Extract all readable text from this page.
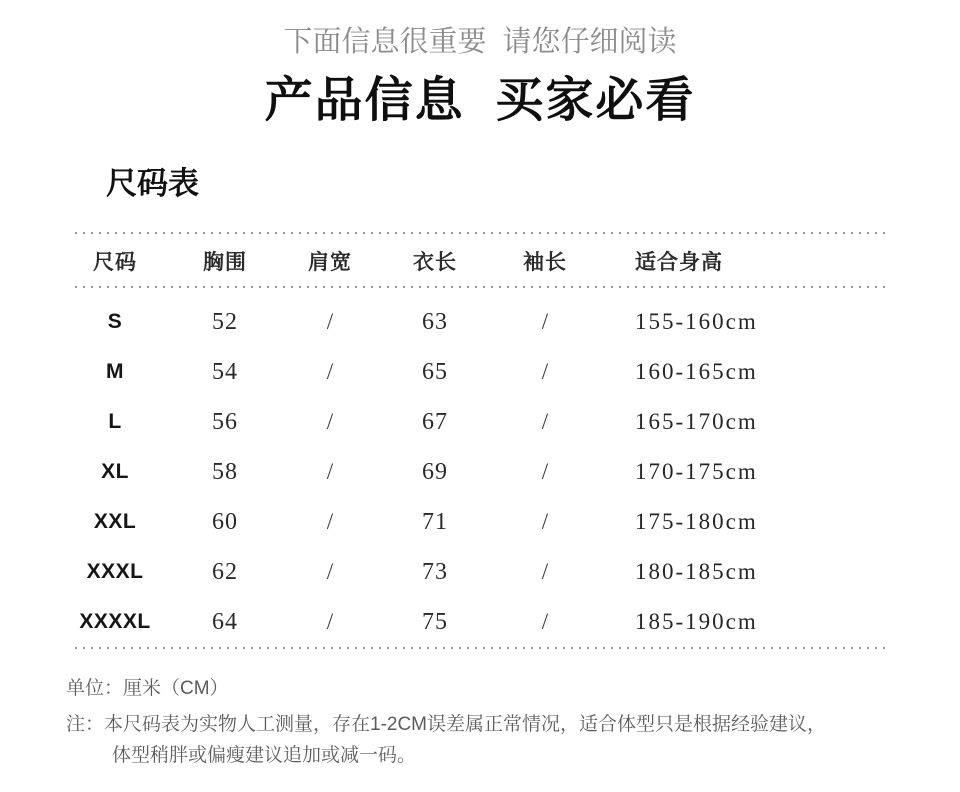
下面信息很重要  请您仔细阅读
产品信息  买家必看
尺码表
尺码	胸围	肩宽	衣长	袖长	适合身高
S	52	/	63	/	155-160cm
M	54	/	65	/	160-165cm
L	56	/	67	/	165-170cm
XL	58	/	69	/	170-175cm
XXL	60	/	71	/	175-180cm
XXXL	62	/	73	/	180-185cm
XXXXL	64	/	75	/	185-190cm
单位：厘米（CM）
注：本尺码表为实物人工测量，存在1-2CM误差属正常情况，适合体型只是根据经验建议，
体型稍胖或偏瘦建议追加或减一码。
